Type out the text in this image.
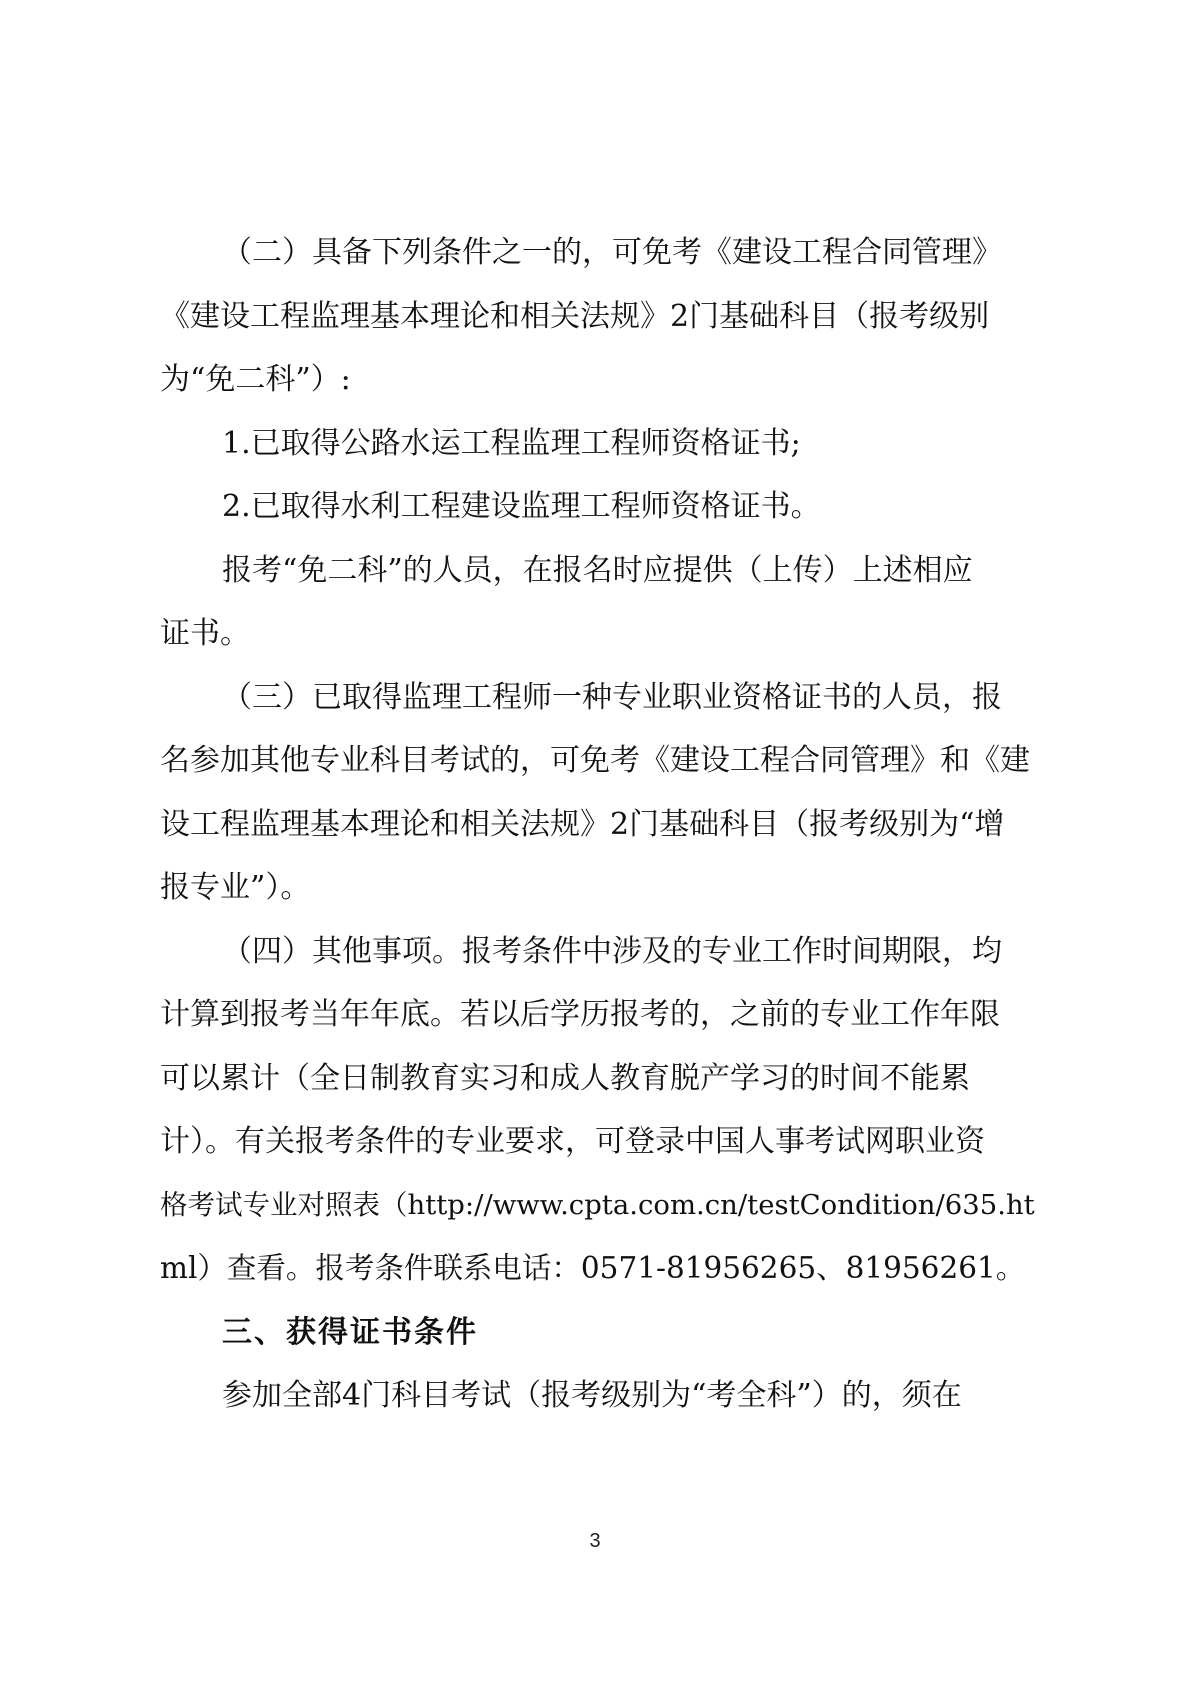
（二）具备下列条件之一的，可免考《建设工程合同管理》
《建设工程监理基本理论和相关法规》2门基础科目（报考级别
为“免二科”）:
1.已取得公路水运工程监理工程师资格证书;
2.已取得水利工程建设监理工程师资格证书。
报考“免二科”的人员，在报名时应提供（上传）上述相应
证书。
（三）已取得监理工程师一种专业职业资格证书的人员，报
名参加其他专业科目考试的，可免考《建设工程合同管理》和《建
设工程监理基本理论和相关法规》2门基础科目（报考级别为“增
报专业”）。
（四）其他事项。报考条件中涉及的专业工作时间期限，均
计算到报考当年年底。若以后学历报考的，之前的专业工作年限
可以累计（全日制教育实习和成人教育脱产学习的时间不能累
计）。有关报考条件的专业要求，可登录中国人事考试网职业资
格考试专业对照表（http://www.cpta.com.cn/testCondition/635.ht
ml）查看。报考条件联系电话：0571-81956265、81956261。
三、获得证书条件
参加全部4门科目考试（报考级别为“考全科”）的，须在
3
